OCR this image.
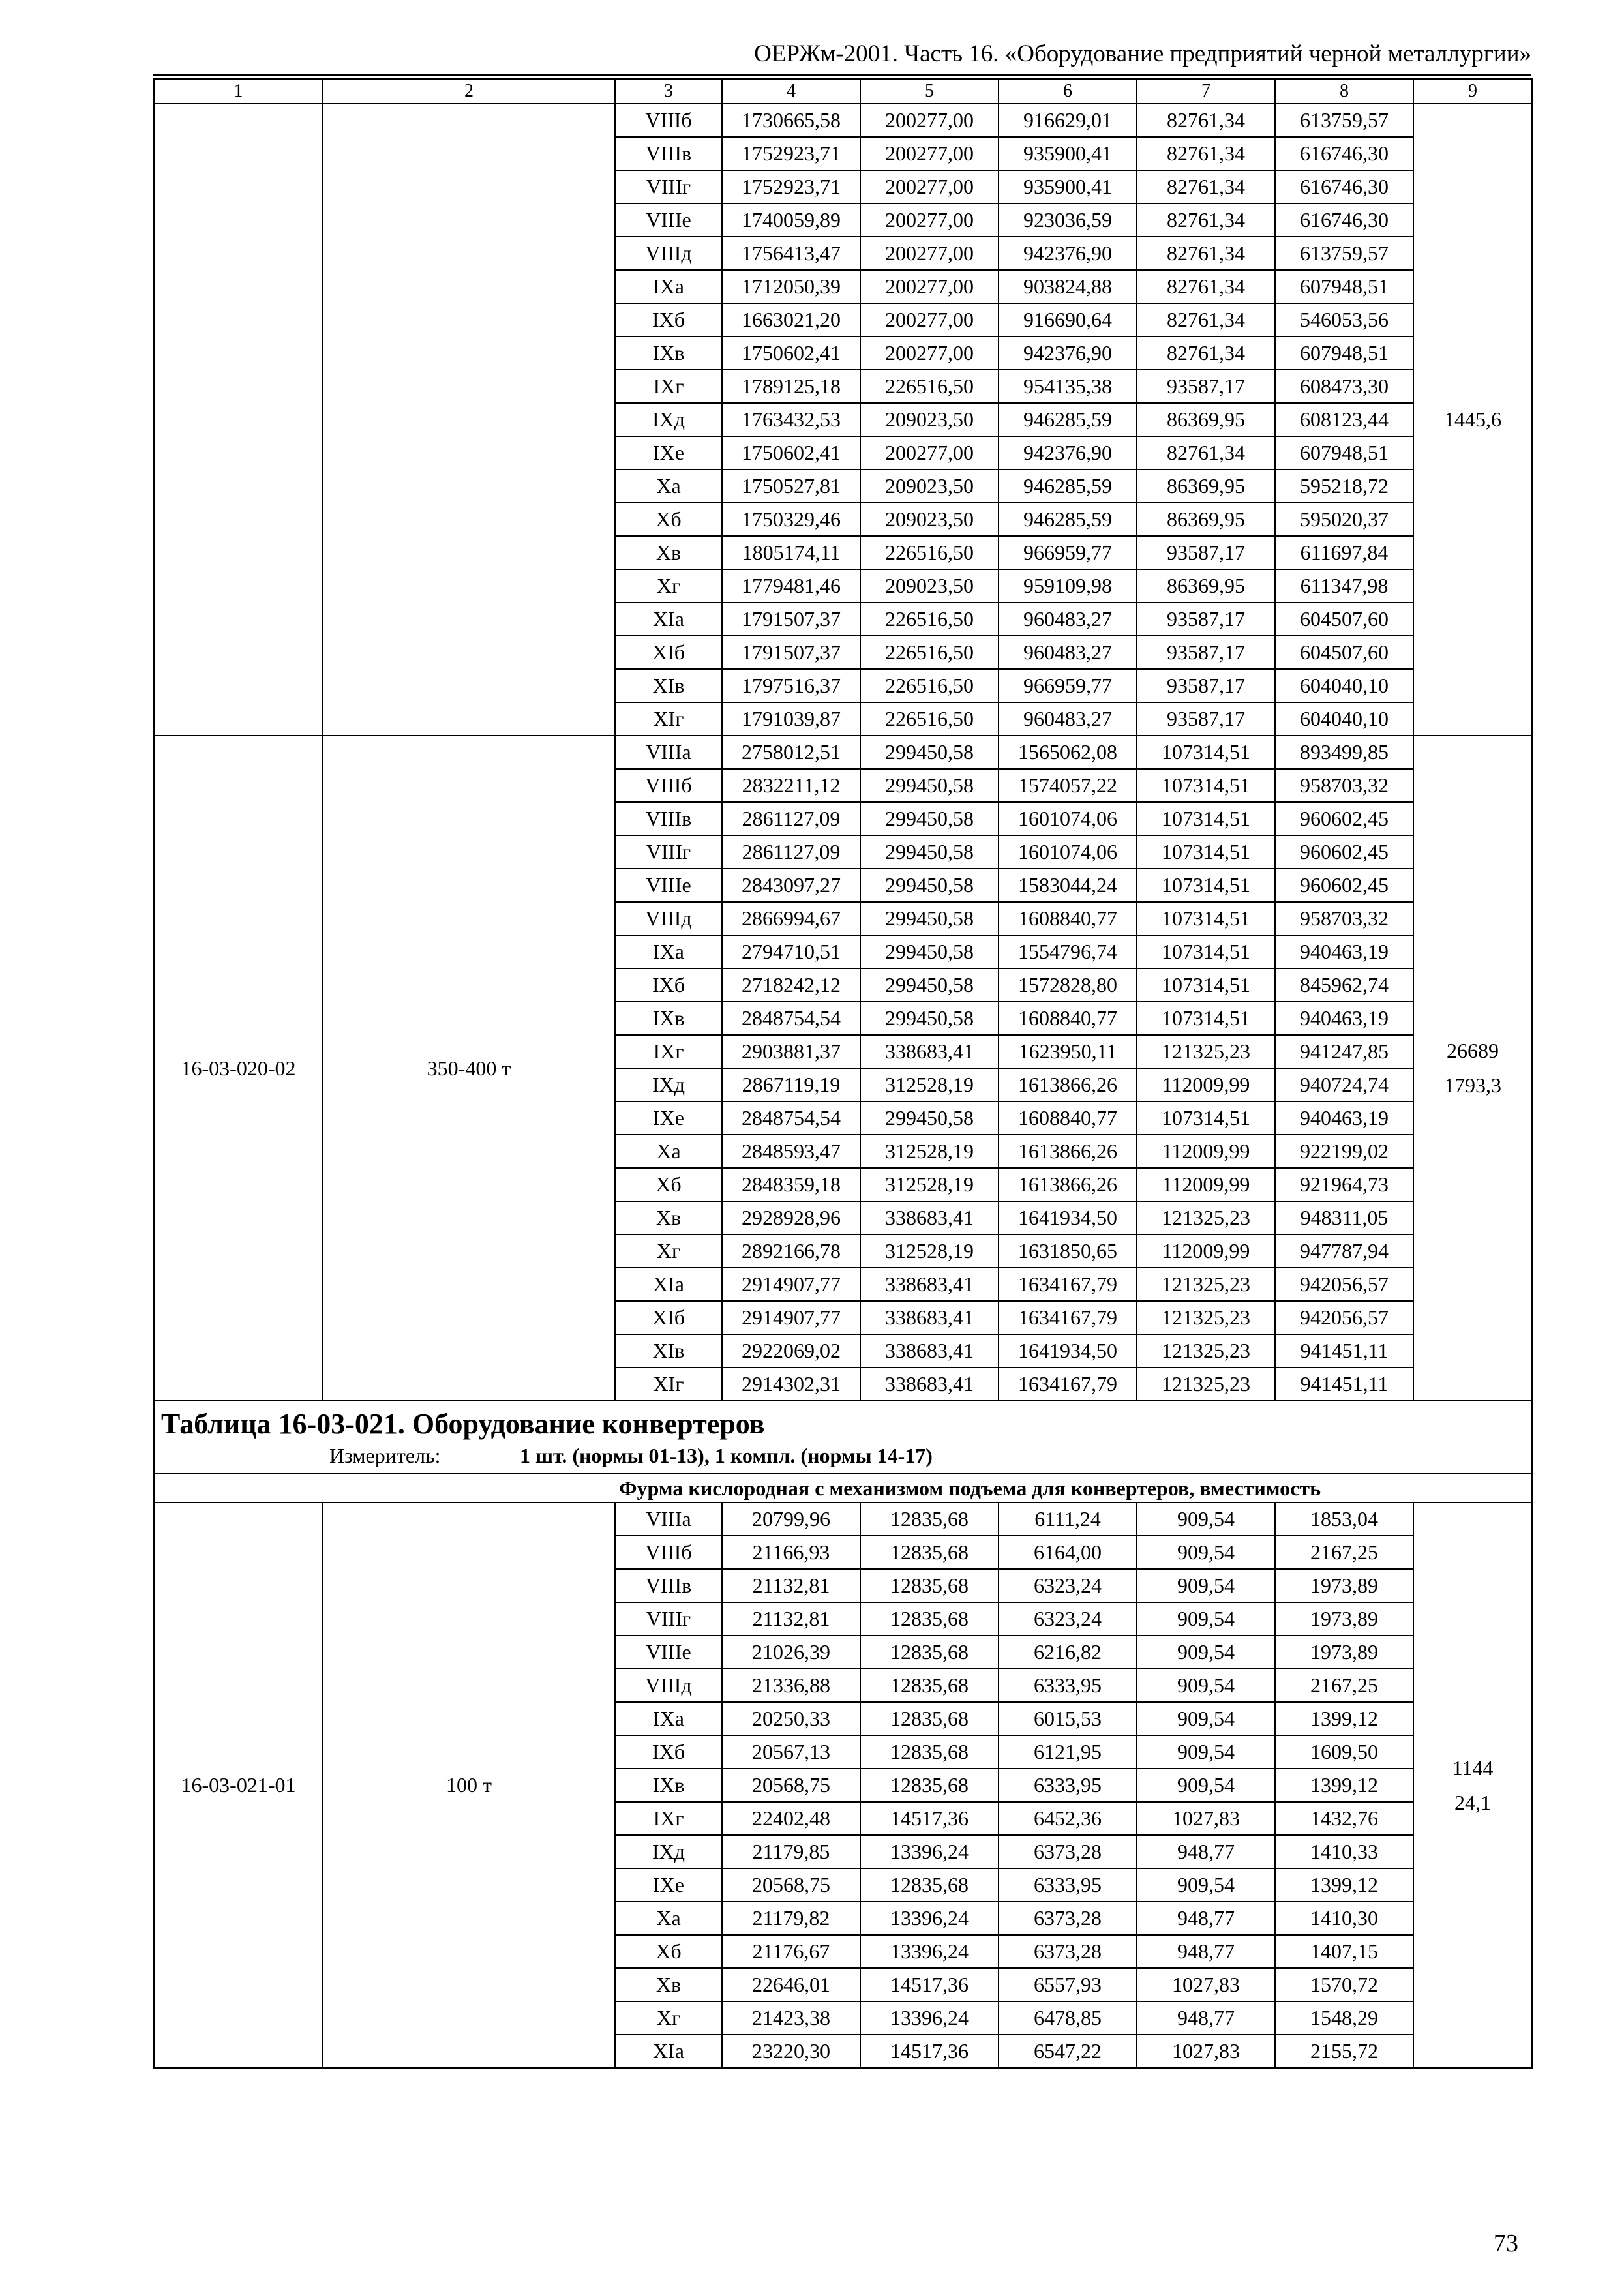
ОЕРЖм-2001. Часть 16. «Оборудование предприятий черной металлургии»
1	2	3	4	5	6	7	8	9
		VIIIб	1730665,58	200277,00	916629,01	82761,34	613759,57	1445,6

		VIIIв	1752923,71	200277,00	935900,41	82761,34	616746,30	
		VIIIг	1752923,71	200277,00	935900,41	82761,34	616746,30	
		VIIIе	1740059,89	200277,00	923036,59	82761,34	616746,30	
		VIIIд	1756413,47	200277,00	942376,90	82761,34	613759,57	
		IXа	1712050,39	200277,00	903824,88	82761,34	607948,51	
		IXб	1663021,20	200277,00	916690,64	82761,34	546053,56	
		IXв	1750602,41	200277,00	942376,90	82761,34	607948,51	
		IXг	1789125,18	226516,50	954135,38	93587,17	608473,30	
		IXд	1763432,53	209023,50	946285,59	86369,95	608123,44	
		IXе	1750602,41	200277,00	942376,90	82761,34	607948,51	
		Xа	1750527,81	209023,50	946285,59	86369,95	595218,72	
		Xб	1750329,46	209023,50	946285,59	86369,95	595020,37	
		Xв	1805174,11	226516,50	966959,77	93587,17	611697,84	
		Xг	1779481,46	209023,50	959109,98	86369,95	611347,98	
		XIа	1791507,37	226516,50	960483,27	93587,17	604507,60	
		XIб	1791507,37	226516,50	960483,27	93587,17	604507,60	
		XIв	1797516,37	226516,50	966959,77	93587,17	604040,10	
		XIг	1791039,87	226516,50	960483,27	93587,17	604040,10	
16-03-020-02	350-400 т	VIIIа	2758012,51	299450,58	1565062,08	107314,51	893499,85	26689
1793,3

		VIIIб	2832211,12	299450,58	1574057,22	107314,51	958703,32	
		VIIIв	2861127,09	299450,58	1601074,06	107314,51	960602,45	
		VIIIг	2861127,09	299450,58	1601074,06	107314,51	960602,45	
		VIIIе	2843097,27	299450,58	1583044,24	107314,51	960602,45	
		VIIIд	2866994,67	299450,58	1608840,77	107314,51	958703,32	
		IXа	2794710,51	299450,58	1554796,74	107314,51	940463,19	
		IXб	2718242,12	299450,58	1572828,80	107314,51	845962,74	
		IXв	2848754,54	299450,58	1608840,77	107314,51	940463,19	
		IXг	2903881,37	338683,41	1623950,11	121325,23	941247,85	
		IXд	2867119,19	312528,19	1613866,26	112009,99	940724,74	
		IXе	2848754,54	299450,58	1608840,77	107314,51	940463,19	
		Xа	2848593,47	312528,19	1613866,26	112009,99	922199,02	
		Xб	2848359,18	312528,19	1613866,26	112009,99	921964,73	
		Xв	2928928,96	338683,41	1641934,50	121325,23	948311,05	
		Xг	2892166,78	312528,19	1631850,65	112009,99	947787,94	
		XIа	2914907,77	338683,41	1634167,79	121325,23	942056,57	
		XIб	2914907,77	338683,41	1634167,79	121325,23	942056,57	
		XIв	2922069,02	338683,41	1641934,50	121325,23	941451,11	
		XIг	2914302,31	338683,41	1634167,79	121325,23	941451,11	

Таблица 16-03-021. Оборудование конвертеров
Измеритель: 1 шт. (нормы 01-13), 1 компл. (нормы 14-17)								

		Фурма кислородная с механизмом подъема для конвертеров, вместимость						
16-03-021-01	100 т	VIIIа	20799,96	12835,68	6111,24	909,54	1853,04	1144
24,1

		VIIIб	21166,93	12835,68	6164,00	909,54	2167,25	
		VIIIв	21132,81	12835,68	6323,24	909,54	1973,89	
		VIIIг	21132,81	12835,68	6323,24	909,54	1973,89	
		VIIIе	21026,39	12835,68	6216,82	909,54	1973,89	
		VIIIд	21336,88	12835,68	6333,95	909,54	2167,25	
		IXа	20250,33	12835,68	6015,53	909,54	1399,12	
		IXб	20567,13	12835,68	6121,95	909,54	1609,50	
		IXв	20568,75	12835,68	6333,95	909,54	1399,12	
		IXг	22402,48	14517,36	6452,36	1027,83	1432,76	
		IXд	21179,85	13396,24	6373,28	948,77	1410,33	
		IXе	20568,75	12835,68	6333,95	909,54	1399,12	
		Xа	21179,82	13396,24	6373,28	948,77	1410,30	
		Xб	21176,67	13396,24	6373,28	948,77	1407,15	
		Xв	22646,01	14517,36	6557,93	1027,83	1570,72	
		Xг	21423,38	13396,24	6478,85	948,77	1548,29	
		XIа	23220,30	14517,36	6547,22	1027,83	2155,72	
73
